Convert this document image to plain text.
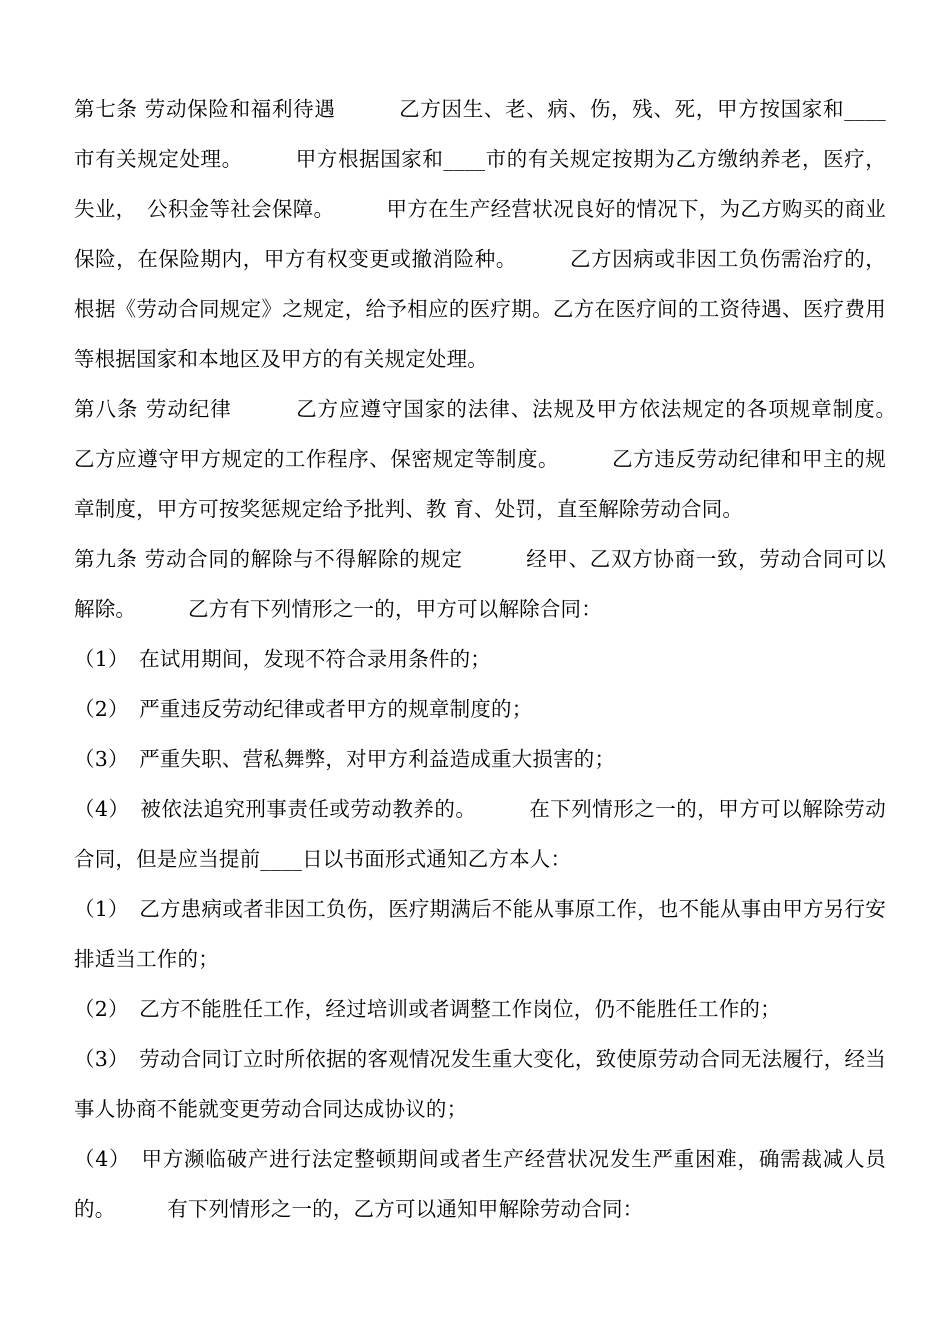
第七条 劳动保险和福利待遇　　　乙方因生、老、病、伤，残、死，甲方按国家和____市有关规定处理。　　　甲方根据国家和____市的有关规定按期为乙方缴纳养老，医疗，失业，　公积金等社会保障。　　　甲方在生产经营状况良好的情况下，为乙方购买的商业保险，在保险期内，甲方有权变更或撤消险种。　　　乙方因病或非因工负伤需治疗的，根据《劳动合同规定》之规定，给予相应的医疗期。乙方在医疗间的工资待遇、医疗费用等根据国家和本地区及甲方的有关规定处理。

第八条 劳动纪律　　　乙方应遵守国家的法律、法规及甲方依法规定的各项规章制度。　　　乙方应遵守甲方规定的工作程序、保密规定等制度。　　　乙方违反劳动纪律和甲主的规章制度，甲方可按奖惩规定给予批判、教 育、处罚，直至解除劳动合同。

第九条 劳动合同的解除与不得解除的规定　　　经甲、乙双方协商一致，劳动合同可以解除。　　　乙方有下列情形之一的，甲方可以解除合同：

（1）　在试用期间，发现不符合录用条件的；

（2）　严重违反劳动纪律或者甲方的规章制度的；

（3）　严重失职、营私舞弊，对甲方利益造成重大损害的；

（4）　被依法追究刑事责任或劳动教养的。　　　在下列情形之一的，甲方可以解除劳动合同，但是应当提前____日以书面形式通知乙方本人：

（1）　乙方患病或者非因工负伤，医疗期满后不能从事原工作，也不能从事由甲方另行安排适当工作的；

（2）　乙方不能胜任工作，经过培训或者调整工作岗位，仍不能胜任工作的；

（3）　劳动合同订立时所依据的客观情况发生重大变化，致使原劳动合同无法履行，经当事人协商不能就变更劳动合同达成协议的；

（4）　甲方濒临破产进行法定整顿期间或者生产经营状况发生严重困难，确需裁减人员的。　　　有下列情形之一的，乙方可以通知甲解除劳动合同：
